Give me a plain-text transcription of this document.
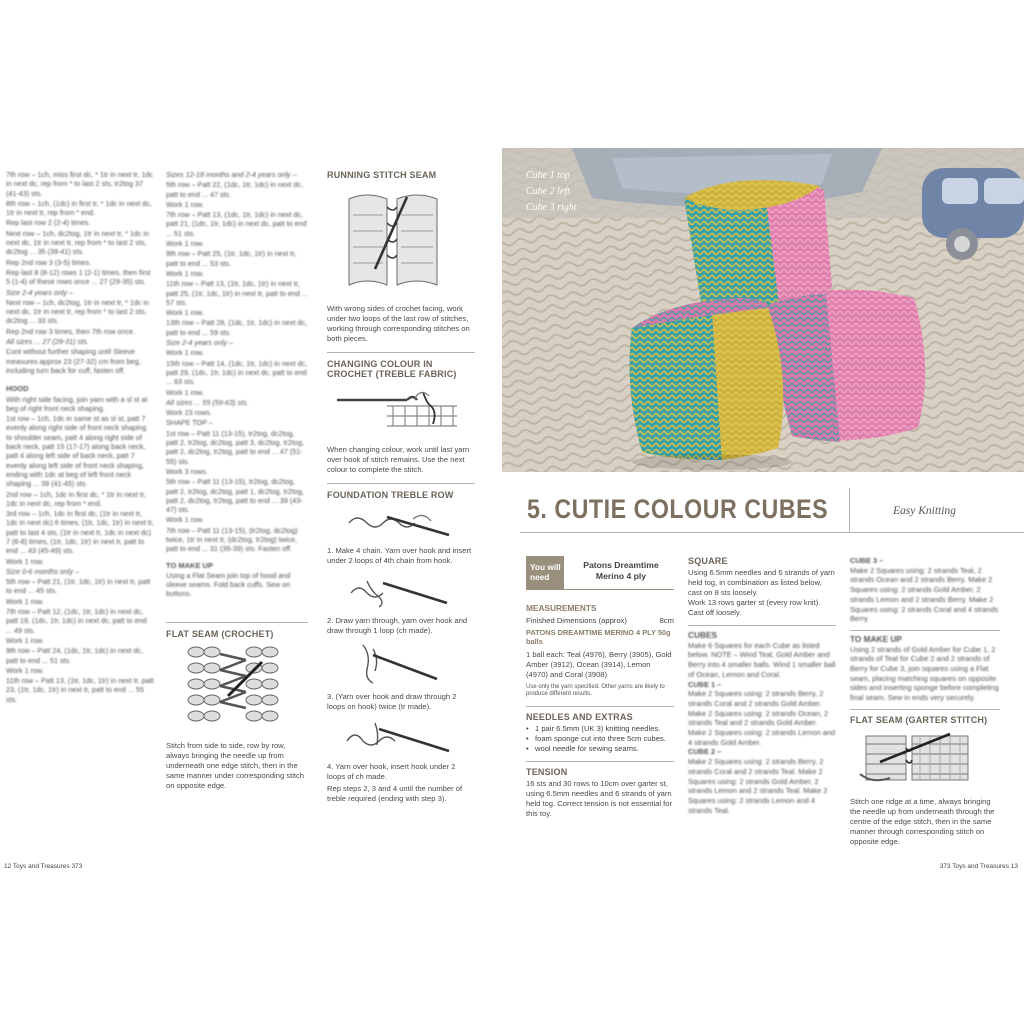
7th row – 1ch, miss first dc, * 1tr in next tr, 1dc in next dc, rep from * to last 2 sts, tr2tog 37 (41-43) sts.

8th row – 1ch, (1dc) in first tr, * 1dc in next dc, 1tr in next tr, rep from * end.

Rep last row 2 (2-4) times.

Next row – 1ch, dc2tog, 1tr in next tr, * 1dc in next dc, 1tr in next tr, rep from * to last 2 sts, dc2tog ... 35 (39-41) sts.

Rep 2nd row 3 (3-5) times.

Rep last 8 (8-12) rows 1 (2-1) times, then first 5 (1-4) of these rows once ... 27 (29-35) sts.

Size 2-4 years only –

Next row – 1ch, dc2tog, 1tr in next tr, * 1dc in next dc, 1tr in next tr, rep from * to last 2 sts, dc2tog ... 33 sts.

Rep 2nd row 3 times, then 7th row once.

All sizes ... 27 (29-31) sts.

Cont without further shaping until Sleeve measures approx 23 (27-32) cm from beg, including turn back for cuff, fasten off.

HOOD

With right side facing, join yarn with a sl st at beg of right front neck shaping.

1st row – 1ch, 1dc in same st as sl st, patt 7 evenly along right side of front neck shaping to shoulder seam, patt 4 along right side of back neck, patt 15 (17-17) along back neck, patt 4 along left side of back neck, patt 7 evenly along left side of front neck shaping, ending with 1dc at beg of left front neck shaping ... 39 (41-45) sts.

2nd row – 1ch, 1dc in first dc, * 1tr in next tr, 1dc in next dc, rep from * end.

3rd row – 1ch, 1dc in first dc, (1tr in next tr, 1dc in next dc) 6 times, (1tr, 1dc, 1tr) in next tr, patt to last 4 sts, (1tr in next tr, 1dc in next dc) 7 (6-8) times, (1tr, 1dc, 1tr) in next tr, patt to end ... 43 (45-49) sts.

Work 1 row.

Size 0-6 months only –

5th row – Patt 21, (1tr, 1dc, 1tr) in next tr, patt to end ... 45 sts.

Work 1 row.

7th row – Patt 12, (1dc, 1tr, 1dc) in next dc, patt 19, (1dc, 1tr, 1dc) in next dc, patt to end ... 49 sts.

Work 1 row.

9th row – Patt 24, (1dc, 1tr, 1dc) in next dc, patt to end ... 51 sts.

Work 1 row.

11th row – Patt 13, (1tr, 1dc, 1tr) in next tr, patt 23, (1tr, 1dc, 1tr) in next tr, patt to end ... 55 sts.

Sizes 12-18 months and 2-4 years only –

5th row – Patt 22, (1dc, 1tr, 1dc) in next dc, patt to end ... 47 sts.

Work 1 row.

7th row – Patt 13, (1dc, 1tr, 1dc) in next dc, patt 21, (1dc, 1tr, 1dc) in next dc, patt to end ... 51 sts.

Work 1 row.

9th row – Patt 25, (1tr, 1dc, 1tr) in next tr, patt to end ... 53 sts.

Work 1 row.

11th row – Patt 13, (1tr, 1dc, 1tr) in next tr, patt 25, (1tr, 1dc, 1tr) in next tr, patt to end ... 57 sts.

Work 1 row.

13th row – Patt 28, (1dc, 1tr, 1dc) in next dc, patt to end ... 59 sts.

Size 2-4 years only –

Work 1 row.

15th row – Patt 14, (1dc, 1tr, 1dc) in next dc, patt 29, (1dc, 1tr, 1dc) in next dc, patt to end ... 63 sts.

Work 1 row.

All sizes ... 55 (59-63) sts.

Work 23 rows.

SHAPE TOP –

1st row – Patt 11 (13-15), tr2tog, dc2tog, patt 2, tr2tog, dc2tog, patt 3, dc2tog, tr2tog, patt 2, dc2tog, tr2tog, patt to end ... 47 (51-55) sts.

Work 3 rows.

5th row – Patt 11 (13-15), tr2tog, dc2tog, patt 2, tr2tog, dc2tog, patt 1, dc2tog, tr2tog, patt 2, dc2tog, tr2tog, patt to end ... 39 (43-47) sts.

Work 1 row.

7th row – Patt 11 (13-15), (tr2tog, dc2tog) twice, 1tr in next tr, (dc2tog, tr2tog) twice, patt to end ... 31 (35-39) sts. Fasten off.

TO MAKE UP

Using a Flat Seam join top of hood and sleeve seams. Fold back cuffs. Sew on buttons.

FLAT SEAM (CROCHET)
Stitch from side to side, row by row, always bringing the needle up from underneath one edge stitch, then in the same manner under corresponding stitch on opposite edge.
RUNNING STITCH SEAM
With wrong sides of crochet facing, work under two loops of the last row of stitches, working through corresponding stitches on both pieces.
CHANGING COLOUR IN CROCHET (TREBLE FABRIC)
When changing colour, work until last yarn over hook of stitch remains. Use the next colour to complete the stitch.
FOUNDATION TREBLE ROW
1. Make 4 chain. Yarn over hook and insert under 2 loops of 4th chain from hook.
2. Draw yarn through, yarn over hook and draw through 1 loop (ch made).
3. (Yarn over hook and draw through 2 loops on hook) twice (tr made).
4. Yarn over hook, insert hook under 2 loops of ch made.
Rep steps 2, 3 and 4 until the number of treble required (ending with step 3).
Cube 1 top
Cube 2 left
Cube 3 right
5. CUTIE COLOUR CUBES	Easy Knitting
You will need
Patons Dreamtime Merino 4 ply
MEASUREMENTS
Finished Dimensions (approx)	8cm
PATONS DREAMTIME MERINO 4 PLY 50g balls
1 ball each: Teal (4976), Berry (3905), Gold Amber (3912), Ocean (3914), Lemon (4970) and Coral (3908)
Use only the yarn specified. Other yarns are likely to produce different results.
NEEDLES AND EXTRAS
• 1 pair 6.5mm (UK 3) knitting needles.
• foam sponge cut into three 5cm cubes.
• wool needle for sewing seams.
TENSION
16 sts and 30 rows to 10cm over garter st, using 6.5mm needles and 6 strands of yarn held tog. Correct tension is not essential for this toy.
SQUARE
Using 6.5mm needles and 6 strands of yarn held tog, in combination as listed below, cast on 8 sts loosely.
Work 13 rows garter st (every row knit).
Cast off loosely.

CUBES

Make 6 Squares for each Cube as listed below. NOTE – Wind Teal, Gold Amber and Berry into 4 smaller balls. Wind 1 smaller ball of Ocean, Lemon and Coral.

CUBE 1 –

Make 2 Squares using: 2 strands Berry, 2 strands Coral and 2 strands Gold Amber. Make 2 Squares using: 2 strands Ocean, 2 strands Teal and 2 strands Gold Amber. Make 2 Squares using: 2 strands Lemon and 4 strands Gold Amber.

CUBE 2 –

Make 2 Squares using: 2 strands Berry, 2 strands Coral and 2 strands Teal. Make 2 Squares using: 2 strands Gold Amber, 2 strands Lemon and 2 strands Teal. Make 2 Squares using: 2 strands Lemon and 4 strands Teal.

CUBE 3 –

Make 2 Squares using: 2 strands Teal, 2 strands Ocean and 2 strands Berry. Make 2 Squares using: 2 strands Gold Amber, 2 strands Lemon and 2 strands Berry. Make 2 Squares using: 2 strands Coral and 4 strands Berry.

TO MAKE UP

Using 2 strands of Gold Amber for Cube 1, 2 strands of Teal for Cube 2 and 2 strands of Berry for Cube 3, join squares using a Flat seam, placing matching squares on opposite sides and inserting sponge before completing final seam. Sew in ends very securely.

FLAT SEAM (GARTER STITCH)
Stitch one ridge at a time, always bringing the needle up from underneath through the centre of the edge stitch, then in the same manner through corresponding stitch on opposite edge.
12 Toys and Treasures 373	373 Toys and Treasures 13
